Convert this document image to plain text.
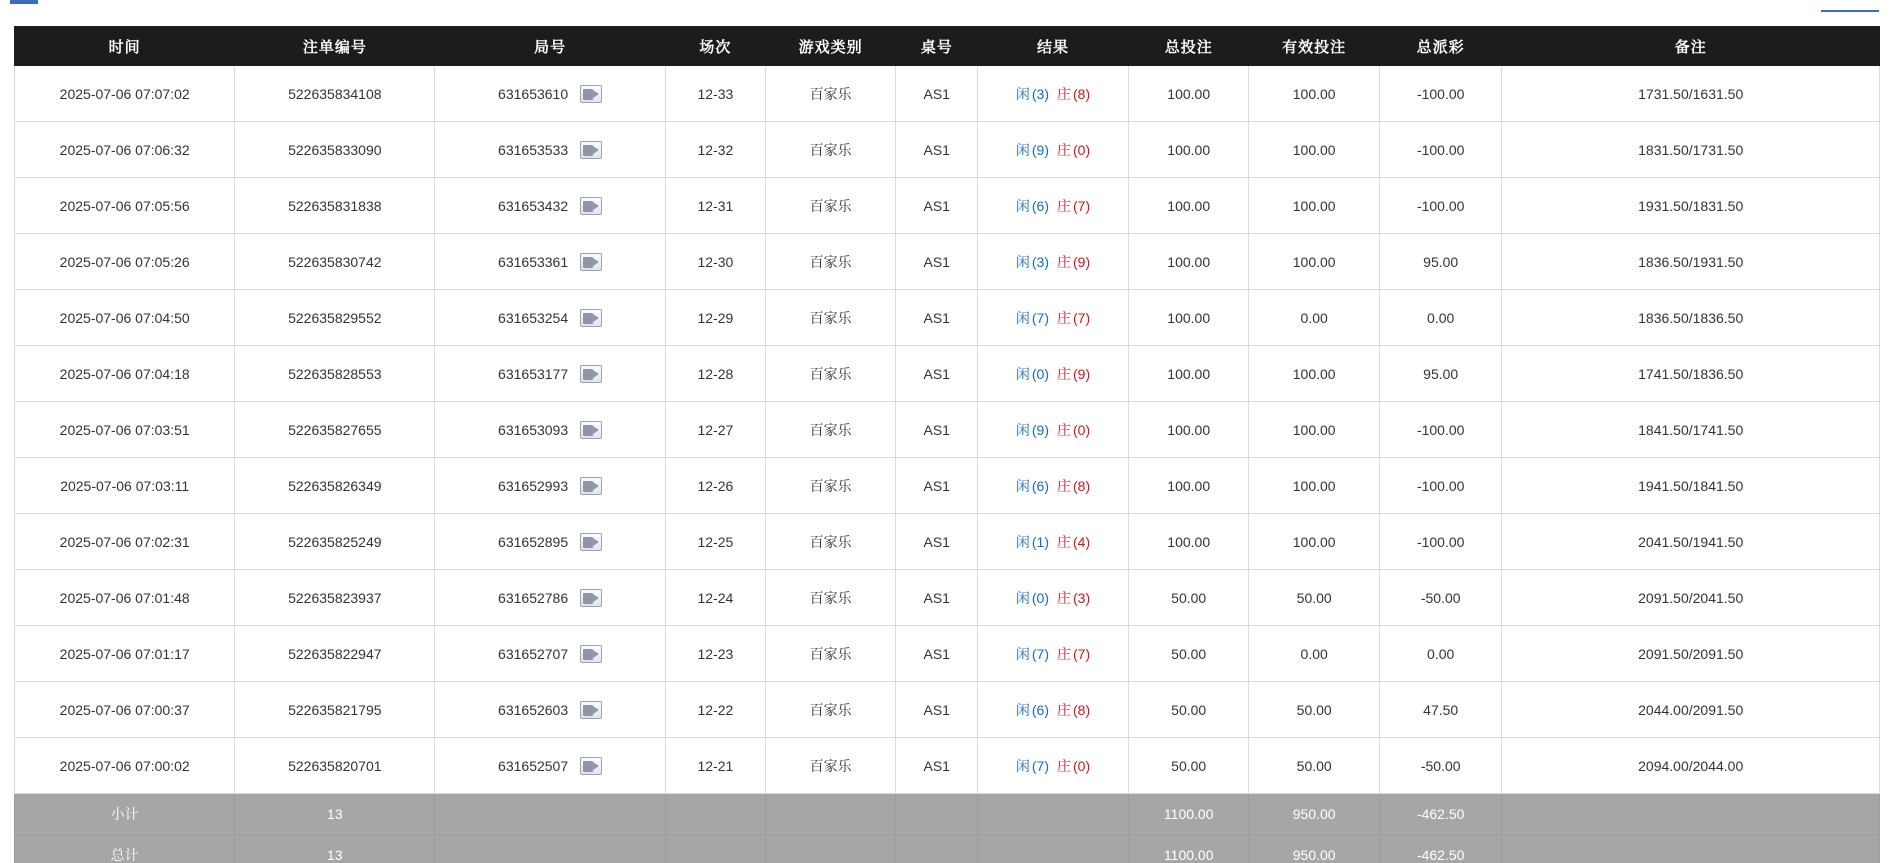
时间	注单编号	局号	场次	游戏类别	桌号	结果	总投注	有效投注	总派彩	备注
2025-07-06 07:07:02	522635834108	631653610	12-33	百家乐	AS1	闲 (3) 庄 (8)	100.00	100.00	-100.00	1731.50/1631.50
2025-07-06 07:06:32	522635833090	631653533	12-32	百家乐	AS1	闲 (9) 庄 (0)	100.00	100.00	-100.00	1831.50/1731.50
2025-07-06 07:05:56	522635831838	631653432	12-31	百家乐	AS1	闲 (6) 庄 (7)	100.00	100.00	-100.00	1931.50/1831.50
2025-07-06 07:05:26	522635830742	631653361	12-30	百家乐	AS1	闲 (3) 庄 (9)	100.00	100.00	95.00	1836.50/1931.50
2025-07-06 07:04:50	522635829552	631653254	12-29	百家乐	AS1	闲 (7) 庄 (7)	100.00	0.00	0.00	1836.50/1836.50
2025-07-06 07:04:18	522635828553	631653177	12-28	百家乐	AS1	闲 (0) 庄 (9)	100.00	100.00	95.00	1741.50/1836.50
2025-07-06 07:03:51	522635827655	631653093	12-27	百家乐	AS1	闲 (9) 庄 (0)	100.00	100.00	-100.00	1841.50/1741.50
2025-07-06 07:03:11	522635826349	631652993	12-26	百家乐	AS1	闲 (6) 庄 (8)	100.00	100.00	-100.00	1941.50/1841.50
2025-07-06 07:02:31	522635825249	631652895	12-25	百家乐	AS1	闲 (1) 庄 (4)	100.00	100.00	-100.00	2041.50/1941.50
2025-07-06 07:01:48	522635823937	631652786	12-24	百家乐	AS1	闲 (0) 庄 (3)	50.00	50.00	-50.00	2091.50/2041.50
2025-07-06 07:01:17	522635822947	631652707	12-23	百家乐	AS1	闲 (7) 庄 (7)	50.00	0.00	0.00	2091.50/2091.50
2025-07-06 07:00:37	522635821795	631652603	12-22	百家乐	AS1	闲 (6) 庄 (8)	50.00	50.00	47.50	2044.00/2091.50
2025-07-06 07:00:02	522635820701	631652507	12-21	百家乐	AS1	闲 (7) 庄 (0)	50.00	50.00	-50.00	2094.00/2044.00
小计	13						1100.00	950.00	-462.50	
总计	13						1100.00	950.00	-462.50	
